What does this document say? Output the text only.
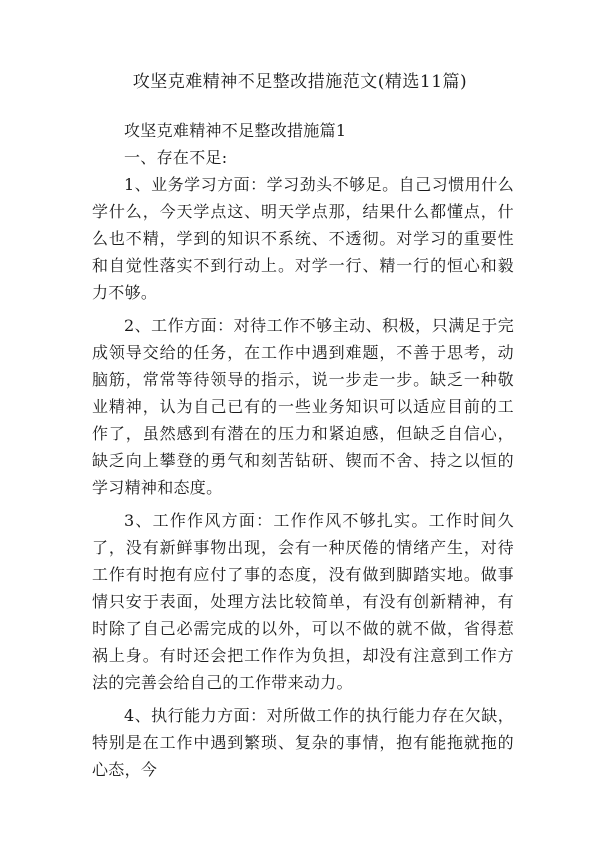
攻坚克难精神不足整改措施范文(精选11篇)

攻坚克难精神不足整改措施篇1

一、存在不足:

1、业务学习方面：学习劲头不够足。自己习惯用什么学什么，今天学点这、明天学点那，结果什么都懂点，什么也不精，学到的知识不系统、不透彻。对学习的重要性和自觉性落实不到行动上。对学一行、精一行的恒心和毅力不够。

2、工作方面：对待工作不够主动、积极，只满足于完成领导交给的任务，在工作中遇到难题，不善于思考，动脑筋，常常等待领导的指示，说一步走一步。缺乏一种敬业精神，认为自己已有的一些业务知识可以适应目前的工作了，虽然感到有潜在的压力和紧迫感，但缺乏自信心，缺乏向上攀登的勇气和刻苦钻研、锲而不舍、持之以恒的学习精神和态度。

3、工作作风方面：工作作风不够扎实。工作时间久了，没有新鲜事物出现，会有一种厌倦的情绪产生，对待工作有时抱有应付了事的态度，没有做到脚踏实地。做事情只安于表面，处理方法比较简单，有没有创新精神，有时除了自己必需完成的以外，可以不做的就不做，省得惹祸上身。有时还会把工作作为负担，却没有注意到工作方法的完善会给自己的工作带来动力。

4、执行能力方面：对所做工作的执行能力存在欠缺，特别是在工作中遇到繁琐、复杂的事情，抱有能拖就拖的心态，今
